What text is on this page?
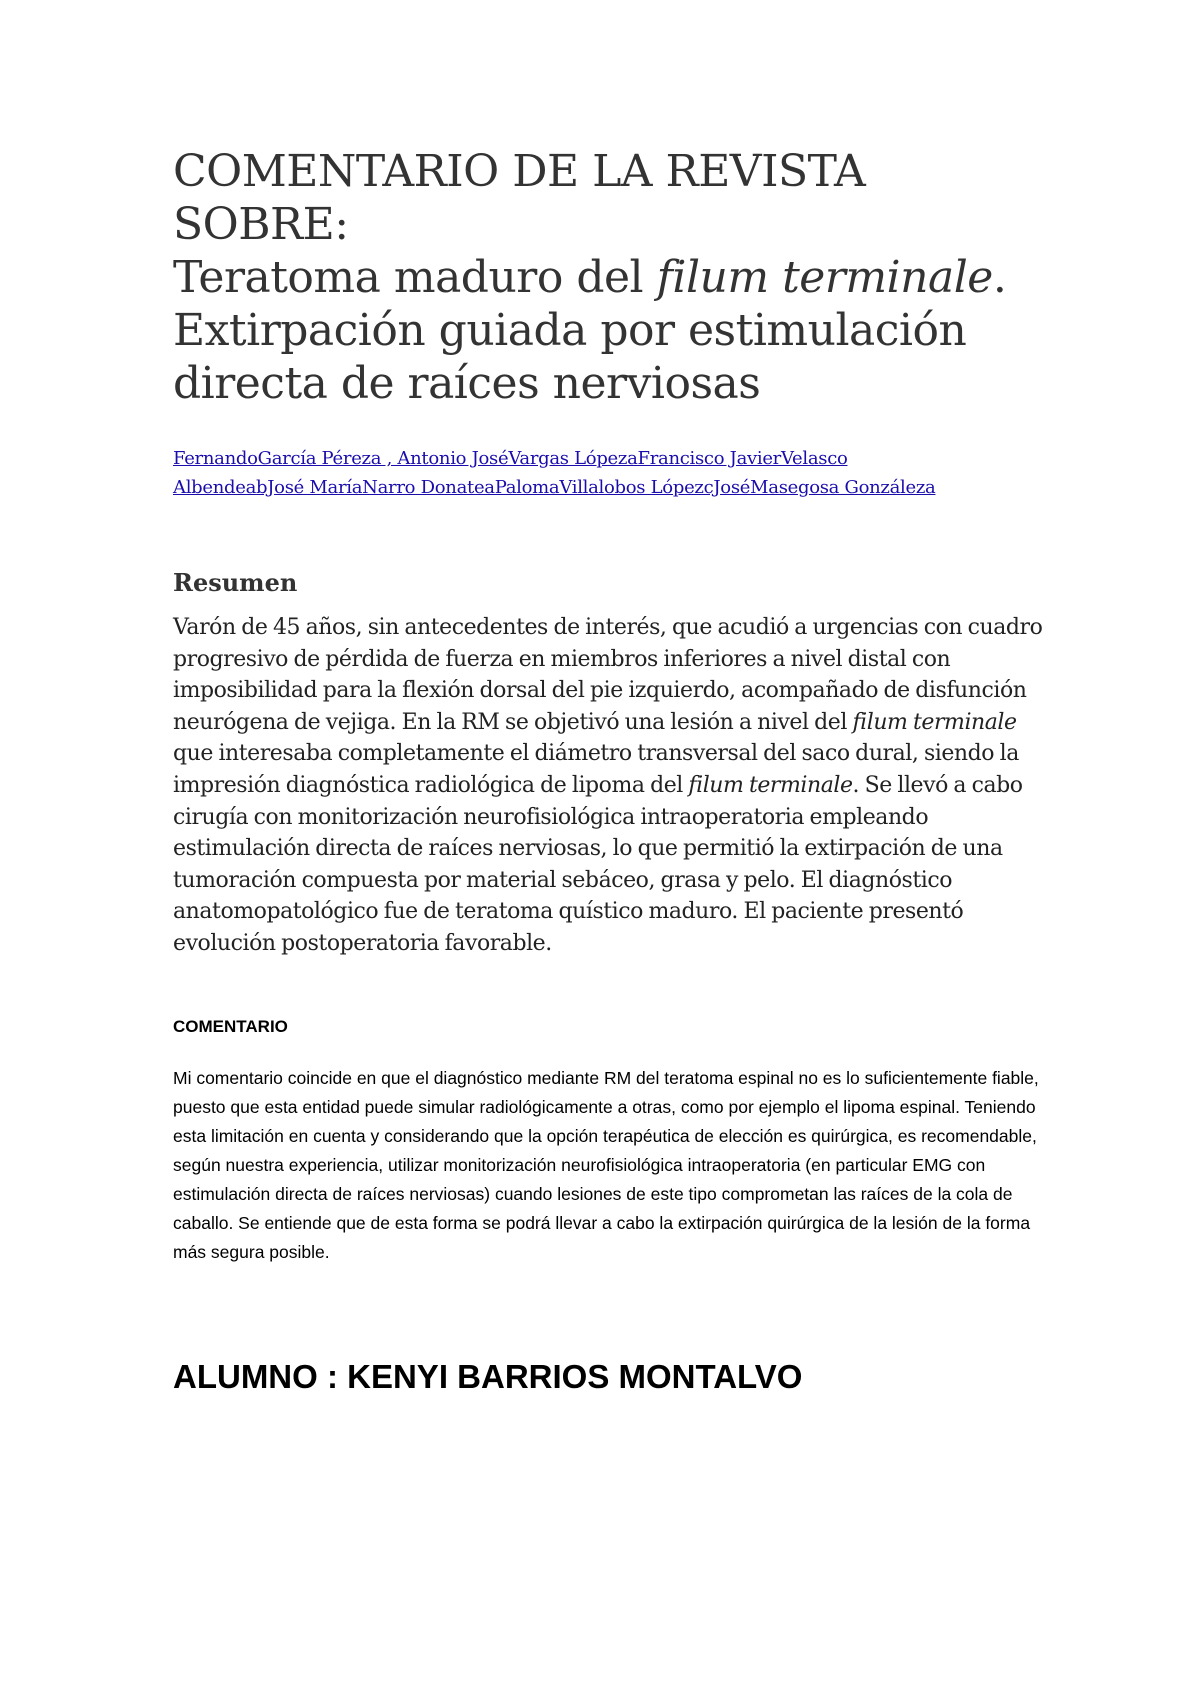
COMENTARIO DE LA REVISTA
SOBRE:
Teratoma maduro del filum terminale.
Extirpación guiada por estimulación
directa de raíces nerviosas
FernandoGarcía Péreza , Antonio JoséVargas LópezaFrancisco JavierVelasco
AlbendeabJosé MaríaNarro DonateaPalomaVillalobos LópezcJoséMasegosa Gonzáleza
Resumen

Varón de 45 años, sin antecedentes de interés, que acudió a urgencias con cuadro progresivo de pérdida de fuerza en miembros inferiores a nivel distal con imposibilidad para la flexión dorsal del pie izquierdo, acompañado de disfunción neurógena de vejiga. En la RM se objetivó una lesión a nivel del filum terminale que interesaba completamente el diámetro transversal del saco dural, siendo la impresión diagnóstica radiológica de lipoma del filum terminale. Se llevó a cabo cirugía con monitorización neurofisiológica intraoperatoria empleando estimulación directa de raíces nerviosas, lo que permitió la extirpación de una tumoración compuesta por material sebáceo, grasa y pelo. El diagnóstico anatomopatológico fue de teratoma quístico maduro. El paciente presentó evolución postoperatoria favorable.

COMENTARIO

Mi comentario coincide en que el diagnóstico mediante RM del teratoma espinal no es lo suficientemente fiable, puesto que esta entidad puede simular radiológicamente a otras, como por ejemplo el lipoma espinal. Teniendo esta limitación en cuenta y considerando que la opción terapéutica de elección es quirúrgica, es recomendable, según nuestra experiencia, utilizar monitorización neurofisiológica intraoperatoria (en particular EMG con estimulación directa de raíces nerviosas) cuando lesiones de este tipo comprometan las raíces de la cola de caballo. Se entiende que de esta forma se podrá llevar a cabo la extirpación quirúrgica de la lesión de la forma más segura posible.

ALUMNO : KENYI BARRIOS MONTALVO
